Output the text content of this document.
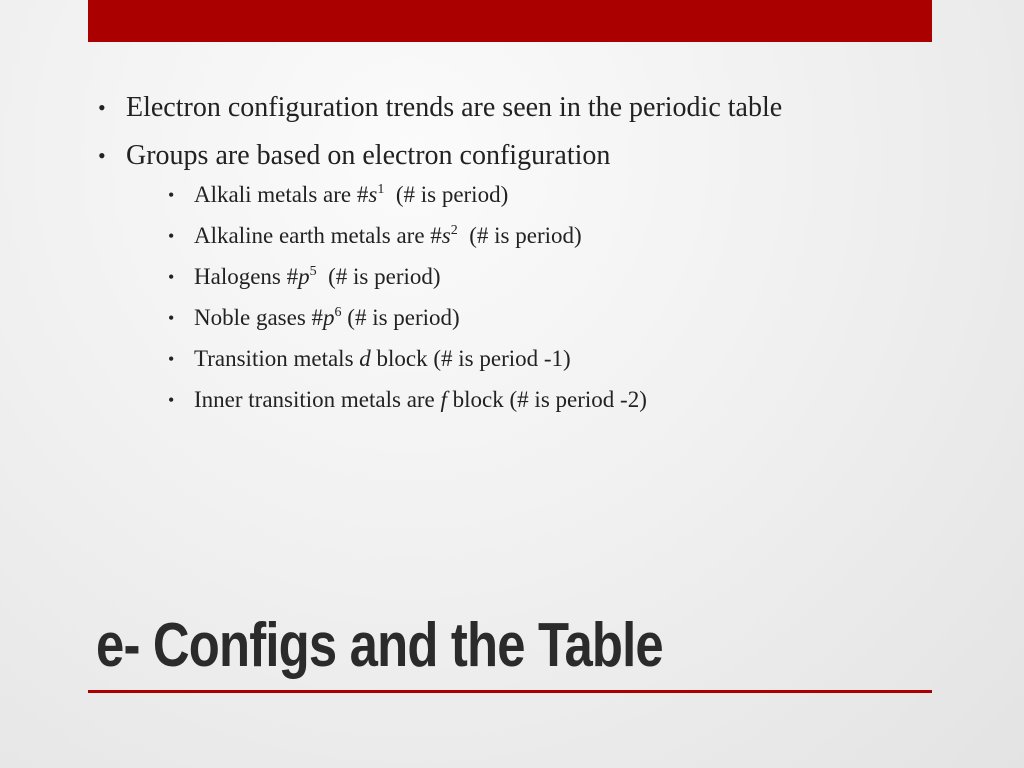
• Electron configuration trends are seen in the periodic table
• Groups are based on electron configuration
• Alkali metals are $\#s^1$  (# is period)
• Alkaline earth metals are $\#s^2$  (# is period)
• Halogens $\#p^5$  (# is period)
• Noble gases $\#p^6$ (# is period)
• Transition metals d block (# is period -1)
• Inner transition metals are f block (# is period -2)
e- Configs and the Table
